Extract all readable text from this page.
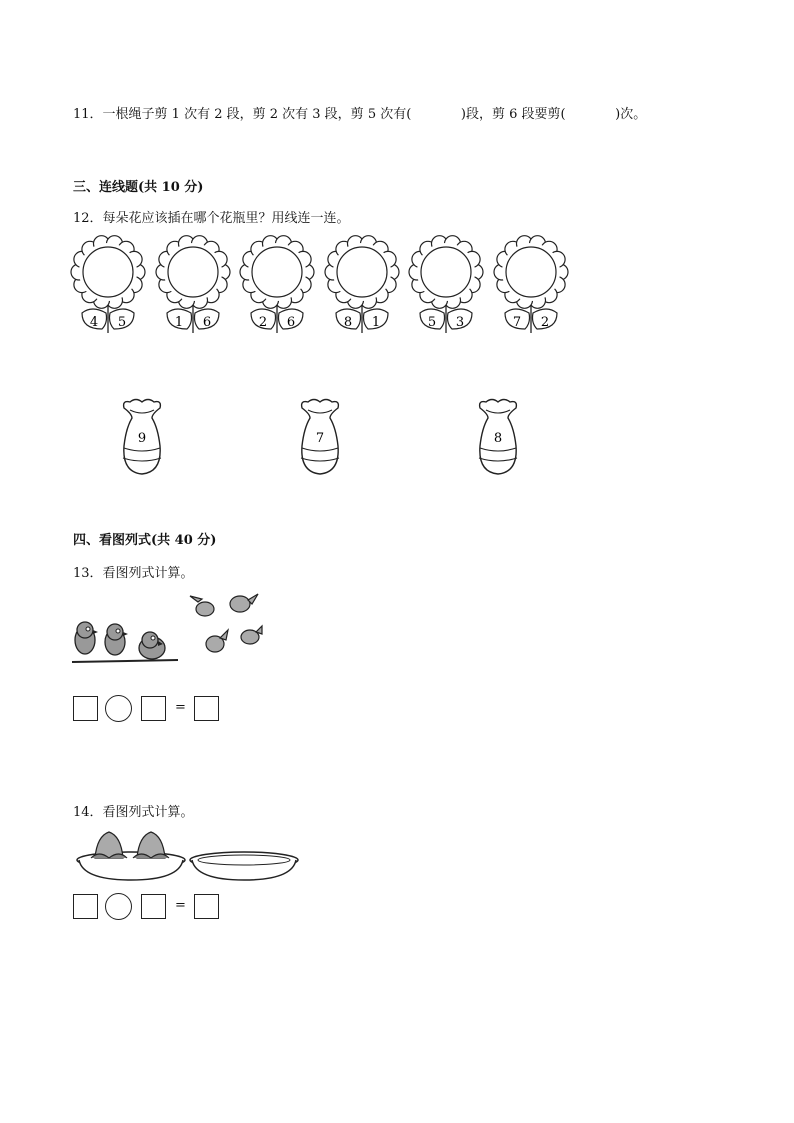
11．一根绳子剪 1 次有 2 段，剪 2 次有 3 段，剪 5 次有(            )段，剪 6 段要剪(            )次。
三、连线题(共 10 分)
12．每朵花应该插在哪个花瓶里？用线连一连。
4 5	1 6	2 6	8 1	5 3	7 2
9	7	8
四、看图列式(共 40 分)
13．看图列式计算。
=
14．看图列式计算。
=
